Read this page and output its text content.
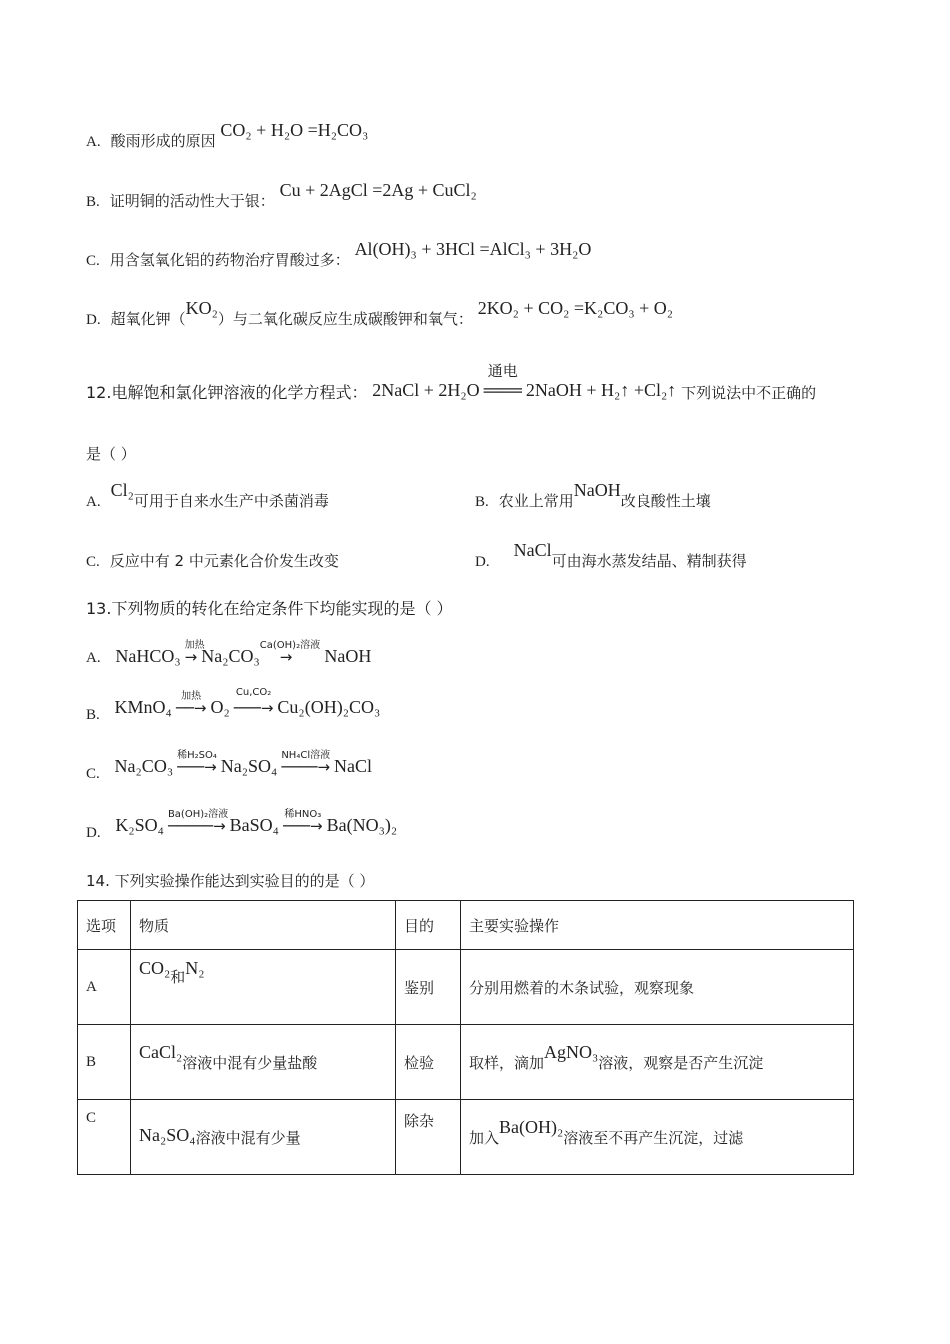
A. 酸雨形成的原因 CO₂ + H₂O =H₂CO₃
B. 证明铜的活动性大于银： Cu + 2AgCl =2Ag + CuCl₂
C. 用含氢氧化铝的药物治疗胃酸过多： Al(OH)₃ + 3HCl =AlCl₃ + 3H₂O
D. 超氧化钾（KO₂）与二氧化碳反应生成碳酸钾和氧气： 2KO₂ + CO₂ =K₂CO₃ + O₂
12.电解饱和氯化钾溶液的化学方程式： 2NaCl + 2H₂O
通电
═══ 2NaOH + H₂↑ +Cl₂↑ 下列说法中不正确的
是（ ）
A.Cl₂可用于自来水生产中杀菌消毒	B. 农业上常用NaOH改良酸性土壤
C. 反应中有 2 中元素化合价发生改变	D.NaCl可由海水蒸发结晶、精制获得
13.下列物质的转化在给定条件下均能实现的是（ ）
A. NaHCO₃
加热
→ Na₂CO₃
Ca(OH)₂溶液
→ NaOH
B. KMnO₄
加热
──→ O₂
Cu,CO₂
───→ Cu₂(OH)₂CO₃
C. Na₂CO₃
稀H₂SO₄
───→ Na₂SO₄
NH₄Cl溶液
────→ NaCl
D. K₂SO₄
Ba(OH)₂溶液
─────→ BaSO₄
稀HNO₃
───→ Ba(NO₃)₂
14. 下列实验操作能达到实验目的的是（ ）
选项	物质	目的	主要实验操作
A	CO₂和N₂	鉴别	分别用燃着的木条试验，观察现象
B	CaCl₂溶液中混有少量盐酸	检验	取样，滴加AgNO₃溶液，观察是否产生沉淀
C	Na₂SO₄溶液中混有少量	除杂	加入Ba(OH)₂溶液至不再产生沉淀，过滤
